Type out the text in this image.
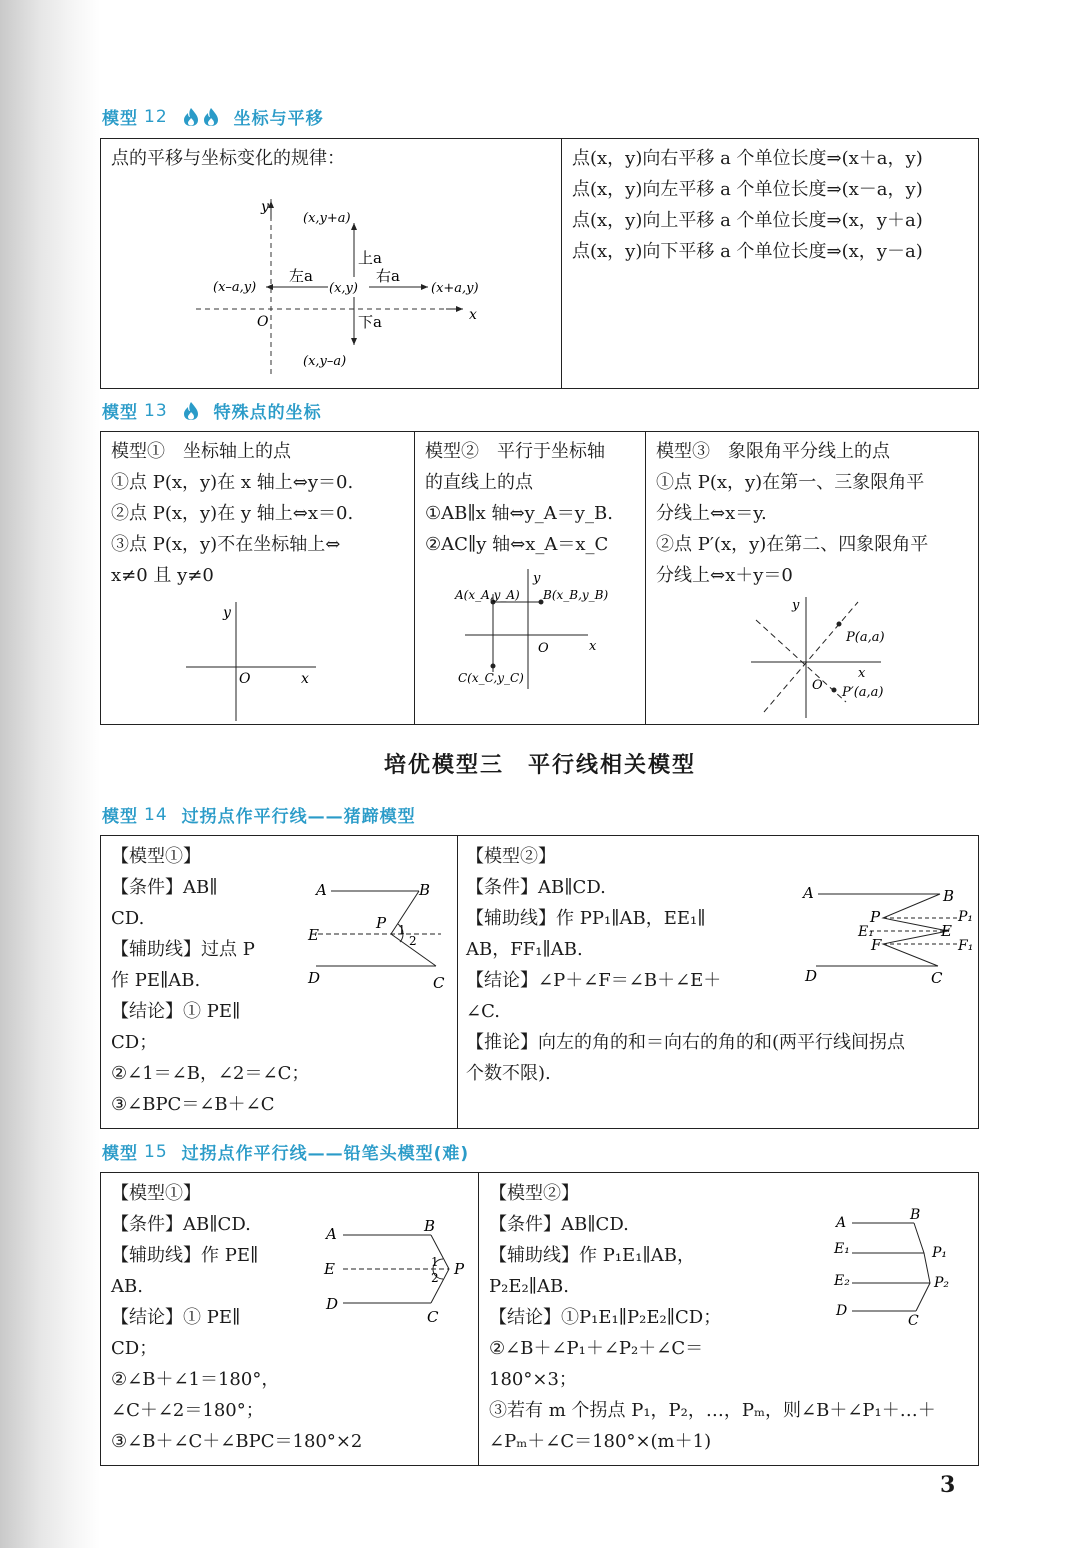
模型 12	坐标与平移
点的平移与坐标变化的规律：
y
x
O
(x,y+a)
(x,y)
(x–a,y)	(x+a,y)
(x,y–a)
上a
左a	右a
下a
点(x，y)向右平移 a 个单位长度⇒(x＋a，y)
点(x，y)向左平移 a 个单位长度⇒(x－a，y)
点(x，y)向上平移 a 个单位长度⇒(x，y＋a)
点(x，y)向下平移 a 个单位长度⇒(x，y－a)
模型 13	特殊点的坐标
模型①　坐标轴上的点
①点 P(x，y)在 x 轴上⇔y＝0.
②点 P(x，y)在 y 轴上⇔x＝0.
③点 P(x，y)不在坐标轴上⇔
x≠0 且 y≠0
y
x
O
模型②　平行于坐标轴
的直线上的点
①AB∥x 轴⇔y_A＝y_B.
②AC∥y 轴⇔x_A＝x_C
y
x
O
A(x_A,y_A) B(x_B,y_B)
C(x_C,y_C)
模型③　象限角平分线上的点
①点 P(x，y)在第一、三象限角平
分线上⇔x＝y.
②点 P′(x，y)在第二、四象限角平
分线上⇔x＋y＝0
y
x
O
P(a,a)
P′(a,a)
培优模型三　平行线相关模型
模型 14 过拐点作平行线——猪蹄模型
【模型①】
【条件】AB∥
CD.
【辅助线】过点 P
作 PE∥AB.
【结论】① PE∥
CD；
②∠1＝∠B，∠2＝∠C；
③∠BPC＝∠B＋∠C
A	B
E
P 1
2
D	C
【模型②】
【条件】AB∥CD.
【辅助线】作 PP₁∥AB，EE₁∥
AB，FF₁∥AB.
【结论】∠P＋∠F＝∠B＋∠E＋
∠C.
【推论】向左的角的和＝向右的角的和(两平行线间拐点
个数不限).
A	B
P	P₁
E₁	E
F	F₁
D	C
模型 15 过拐点作平行线——铅笔头模型(难)
【模型①】
【条件】AB∥CD.
【辅助线】作 PE∥
AB.
【结论】① PE∥
CD；
②∠B＋∠1＝180°，
∠C＋∠2＝180°；
③∠B＋∠C＋∠BPC＝180°×2
A	B
E	1
2 P
D
C
【模型②】
【条件】AB∥CD.
【辅助线】作 P₁E₁∥AB，
P₂E₂∥AB.
【结论】①P₁E₁∥P₂E₂∥CD；
②∠B＋∠P₁＋∠P₂＋∠C＝
180°×3；
③若有 m 个拐点 P₁，P₂，…，Pₘ，则∠B＋∠P₁＋…＋
∠Pₘ＋∠C＝180°×(m＋1)
A	B
E₁	P₁
E₂	P₂
D
C
3
